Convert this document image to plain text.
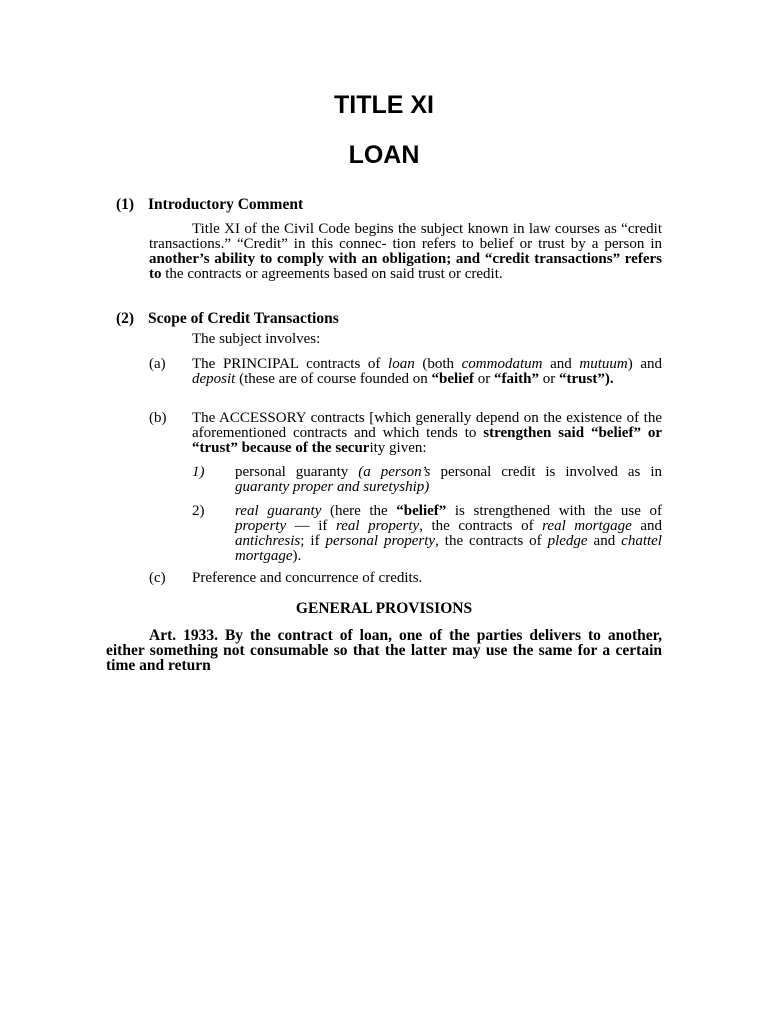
TITLE XI
LOAN
(1) Introductory Comment

Title XI of the Civil Code begins the subject known in law courses as “credit transactions.” “Credit” in this connec- tion refers to belief or trust by a person in another’s ability to comply with an obligation; and “credit transactions” refers to the contracts or agreements based on said trust or credit.

(2) Scope of Credit Transactions

The subject involves:

(a) The PRINCIPAL contracts of loan (both commodatum and mutuum) and deposit (these are of course founded on “belief or “faith” or “trust”).

(b) The ACCESSORY contracts [which generally depend on the existence of the aforementioned contracts and which tends to strengthen said “belief” or “trust” because of the security given:

1) personal guaranty (a person’s personal credit is involved as in guaranty proper and suretyship)

2) real guaranty (here the “belief” is strengthened with the use of property — if real property, the contracts of real mortgage and antichresis; if personal property, the contracts of pledge and chattel mortgage).

(c) Preference and concurrence of credits.

GENERAL PROVISIONS

Art. 1933. By the contract of loan, one of the parties delivers to another, either something not consumable so that the latter may use the same for a certain time and return
